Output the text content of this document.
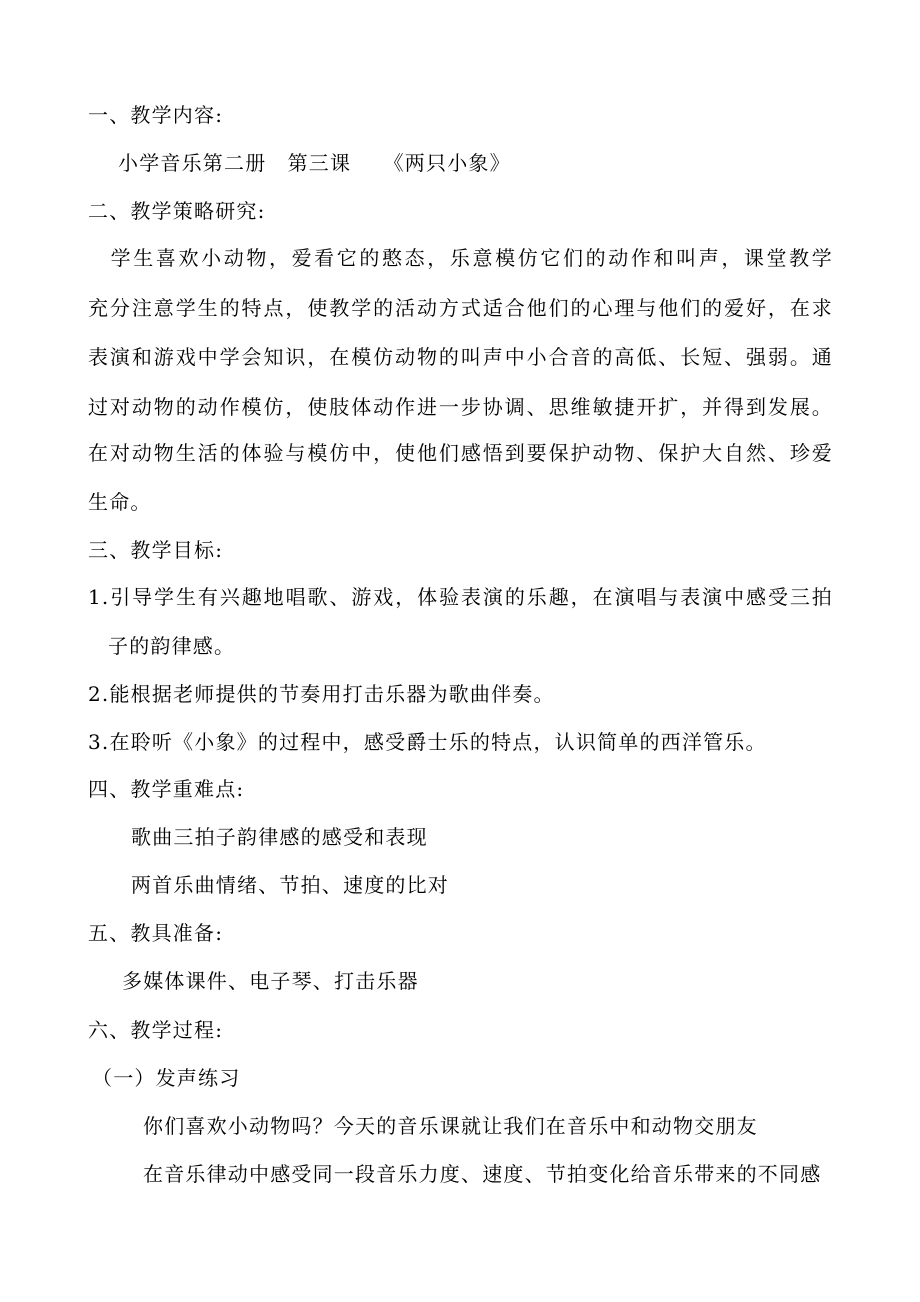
一、教学内容:
小学音乐第二册　第三课　　《两只小象》
二、教学策略研究:
　学生喜欢小动物，爱看它的憨态，乐意模仿它们的动作和叫声，课堂教学
充分注意学生的特点，使教学的活动方式适合他们的心理与他们的爱好，在求
表演和游戏中学会知识，在模仿动物的叫声中小合音的高低、长短、强弱。通
过对动物的动作模仿，使肢体动作进一步协调、思维敏捷开扩，并得到发展。
在对动物生活的体验与模仿中，使他们感悟到要保护动物、保护大自然、珍爱
生命。
三、教学目标:
1.引导学生有兴趣地唱歌、游戏，体验表演的乐趣，在演唱与表演中感受三拍
子的韵律感。
2.能根据老师提供的节奏用打击乐器为歌曲伴奏。
3.在聆听《小象》的过程中，感受爵士乐的特点，认识简单的西洋管乐。
四、教学重难点:
歌曲三拍子韵律感的感受和表现
两首乐曲情绪、节拍、速度的比对
五、教具准备:
多媒体课件、电子琴、打击乐器
六、教学过程:
（一）发声练习
你们喜欢小动物吗？今天的音乐课就让我们在音乐中和动物交朋友
在音乐律动中感受同一段音乐力度、速度、节拍变化给音乐带来的不同感
